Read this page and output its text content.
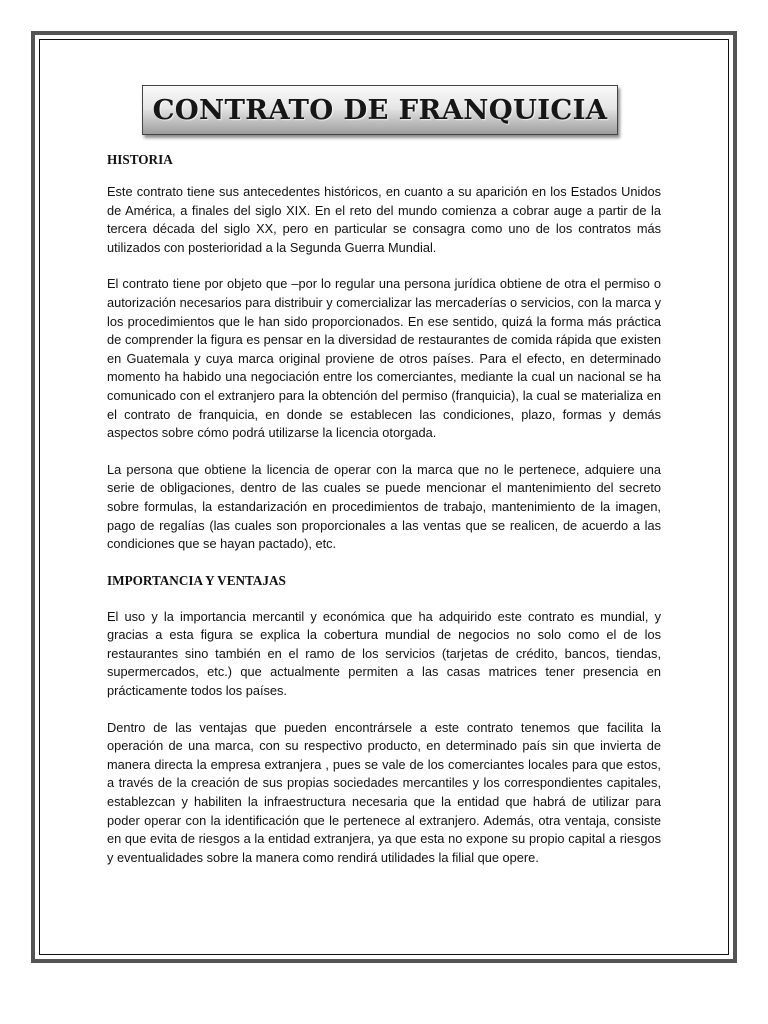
CONTRATO DE FRANQUICIA

HISTORIA

Este contrato tiene sus antecedentes históricos, en cuanto a su aparición en los Estados Unidos de América, a finales del siglo XIX. En el reto del mundo comienza a cobrar auge a partir de la tercera década del siglo XX, pero en particular se consagra como uno de los contratos más utilizados con posterioridad a la Segunda Guerra Mundial.

El contrato tiene por objeto que –por lo regular una persona jurídica obtiene de otra el permiso o autorización necesarios para distribuir y comercializar las mercaderías o servicios, con la marca y los procedimientos que le han sido proporcionados. En ese sentido, quizá la forma más práctica de comprender la figura es pensar en la diversidad de restaurantes de comida rápida que existen en Guatemala y cuya marca original proviene de otros países. Para el efecto, en determinado momento ha habido una negociación entre los comerciantes, mediante la cual un nacional se ha comunicado con el extranjero para la obtención del permiso (franquicia), la cual se materializa en el contrato de franquicia, en donde se establecen las condiciones, plazo, formas y demás aspectos sobre cómo podrá utilizarse la licencia otorgada.

La persona que obtiene la licencia de operar con la marca que no le pertenece, adquiere una serie de obligaciones, dentro de las cuales se puede mencionar el mantenimiento del secreto sobre formulas, la estandarización en procedimientos de trabajo, mantenimiento de la imagen, pago de regalías (las cuales son proporcionales a las ventas que se realicen, de acuerdo a las condiciones que se hayan pactado), etc.

IMPORTANCIA Y VENTAJAS

El uso y la importancia mercantil y económica que ha adquirido este contrato es mundial, y gracias a esta figura se explica la cobertura mundial de negocios no solo como el de los restaurantes sino también en el ramo de los servicios (tarjetas de crédito, bancos, tiendas, supermercados, etc.) que actualmente permiten a las casas matrices tener presencia en prácticamente todos los países.

Dentro de las ventajas que pueden encontrársele a este contrato tenemos que facilita la operación de una marca, con su respectivo producto, en determinado país sin que invierta de manera directa la empresa extranjera , pues se vale de los comerciantes locales para que estos, a través de la creación de sus propias sociedades mercantiles y los correspondientes capitales, establezcan y habiliten la infraestructura necesaria que la entidad que habrá de utilizar para poder operar con la identificación que le pertenece al extranjero. Además, otra ventaja, consiste en que evita de riesgos a la entidad extranjera, ya que esta no expone su propio capital a riesgos y eventualidades sobre la manera como rendirá utilidades la filial que opere.
